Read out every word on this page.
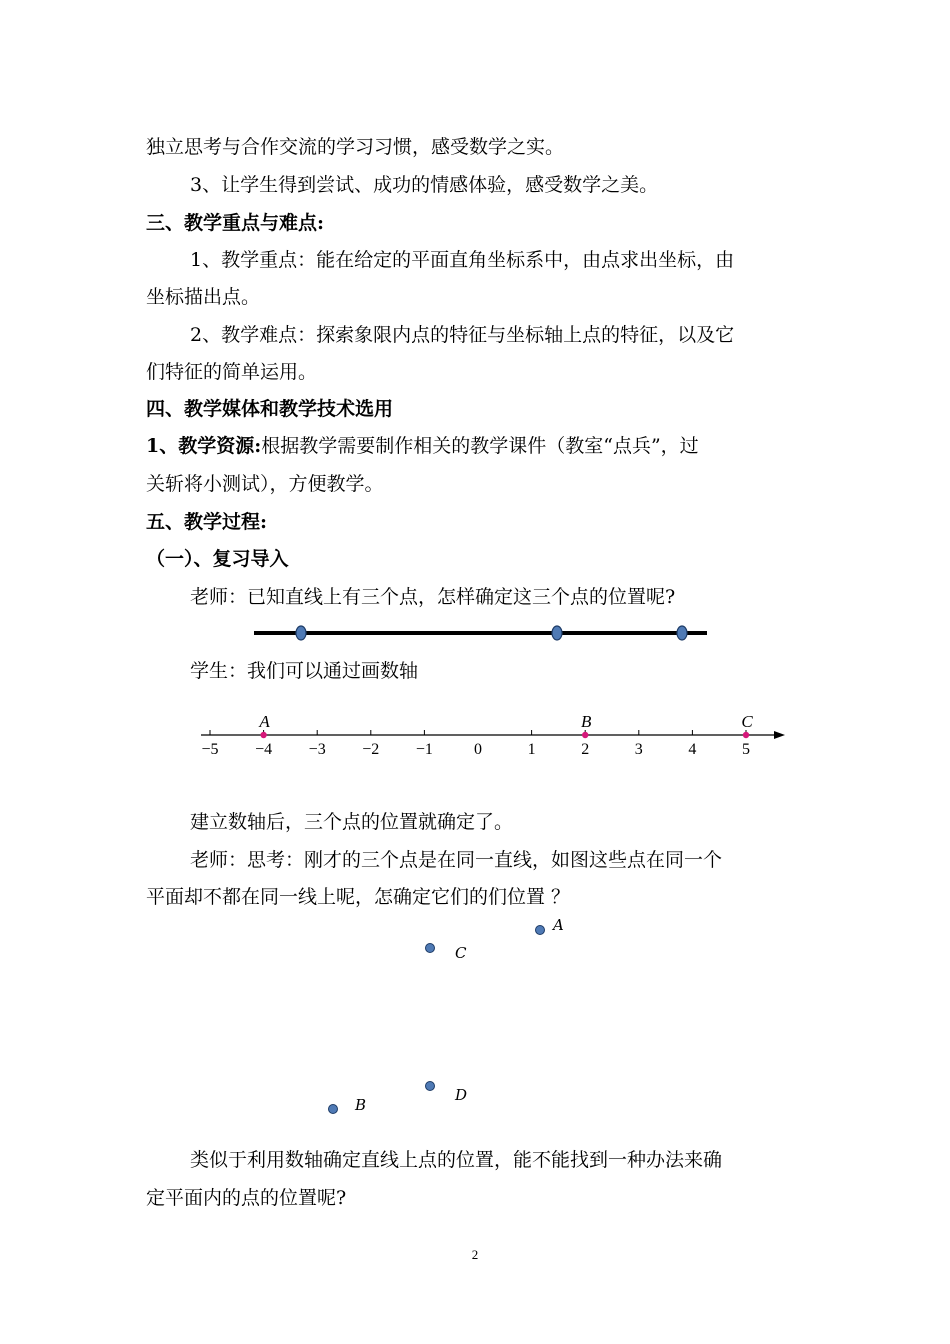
独立思考与合作交流的学习习惯，感受数学之实。
3、让学生得到尝试、成功的情感体验，感受数学之美。
三、教学重点与难点:
1、教学重点：能在给定的平面直角坐标系中，由点求出坐标，由
坐标描出点。
2、教学难点：探索象限内点的特征与坐标轴上点的特征，以及它
们特征的简单运用。
四、教学媒体和教学技术选用
1、教学资源:根据教学需要制作相关的教学课件（教室“点兵”，过
关斩将小测试），方便教学。
五、教学过程:
（一）、复习导入
老师：已知直线上有三个点，怎样确定这三个点的位置呢?
学生：我们可以通过画数轴
−5 −4 −3 −2 −1	0	1	2	3	4	5
A	B	C
建立数轴后，三个点的位置就确定了。
老师：思考：刚才的三个点是在同一直线，如图这些点在同一个
平面却不都在同一线上呢，怎确定它们的们位置 ？
A
C
B
D
类似于利用数轴确定直线上点的位置，能不能找到一种办法来确
定平面内的点的位置呢?
2
